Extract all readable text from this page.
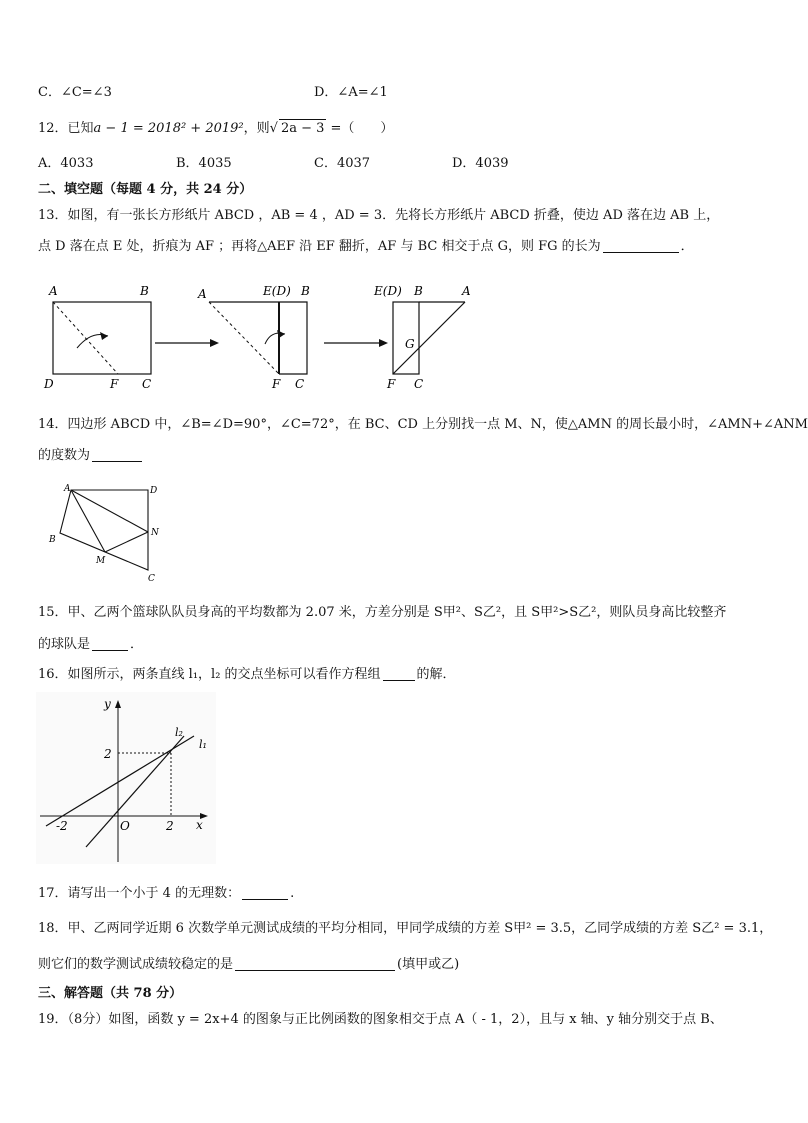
C．∠C=∠3	D．∠A=∠1
12．已知a − 1 = 2018² + 2019²，则√ 2a − 3 =（　　）
A．4033	B．4035	C．4037	D．4039
二、填空题（每题 4 分，共 24 分）
13．如图，有一张长方形纸片 ABCD ，AB = 4 ，AD = 3．先将长方形纸片 ABCD 折叠，使边 AD 落在边 AB 上，
点 D 落在点 E 处，折痕为 AF ；再将△AEF 沿 EF 翻折，AF 与 BC 相交于点 G，则 FG 的长为	．
A	B
D	F C
A	E(D) B
F C
E(D) B	A
G
F C
14．四边形 ABCD 中，∠B=∠D=90°，∠C=72°，在 BC、CD 上分别找一点 M、N，使△AMN 的周长最小时，∠AMN+∠ANM
的度数为
A	D
B
M
N
C
15．甲、乙两个篮球队队员身高的平均数都为 2.07 米，方差分别是 S甲²、S乙²，且 S甲²>S乙²，则队员身高比较整齐
的球队是	．
16．如图所示，两条直线 l₁，l₂ 的交点坐标可以看作方程组	的解．
y
x
O
-2	2
2
l₂
l₁
17．请写出一个小于 4 的无理数：	.
18．甲、乙两同学近期 6 次数学单元测试成绩的平均分相同，甲同学成绩的方差 S甲² = 3.5，乙同学成绩的方差 S乙² = 3.1，
则它们的数学测试成绩较稳定的是	(填甲或乙)
三、解答题（共 78 分）
19．（8分）如图，函数 y = 2x+4 的图象与正比例函数的图象相交于点 A（ - 1，2），且与 x 轴、y 轴分别交于点 B、
